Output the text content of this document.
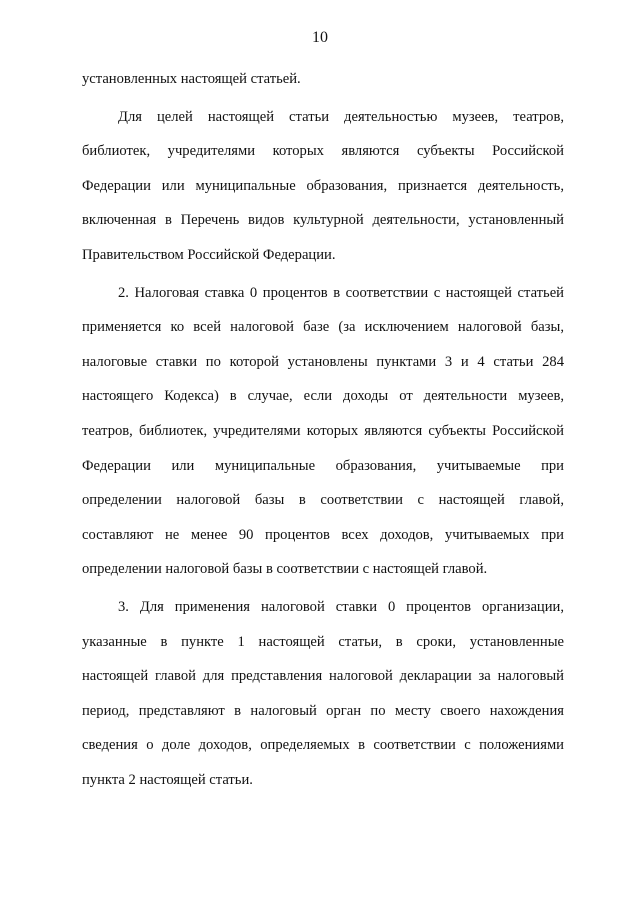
10

установленных настоящей статьей.

Для целей настоящей статьи деятельностью музеев, театров,
библиотек, учредителями которых являются субъекты Российской
Федерации или муниципальные образования, признается деятельность,
включенная в Перечень видов культурной деятельности, установленный
Правительством Российской Федерации.

2. Налоговая ставка 0 процентов в соответствии с настоящей статьей
применяется ко всей налоговой базе (за исключением налоговой базы,
налоговые ставки по которой установлены пунктами 3 и 4 статьи 284
настоящего Кодекса) в случае, если доходы от деятельности музеев,
театров, библиотек, учредителями которых являются субъекты Российской
Федерации или муниципальные образования, учитываемые при
определении налоговой базы в соответствии с настоящей главой,
составляют не менее 90 процентов всех доходов, учитываемых при
определении налоговой базы в соответствии с настоящей главой.

3. Для применения налоговой ставки 0 процентов организации,
указанные в пункте 1 настоящей статьи, в сроки, установленные
настоящей главой для представления налоговой декларации за налоговый
период, представляют в налоговый орган по месту своего нахождения
сведения о доле доходов, определяемых в соответствии с положениями
пункта 2 настоящей статьи.
